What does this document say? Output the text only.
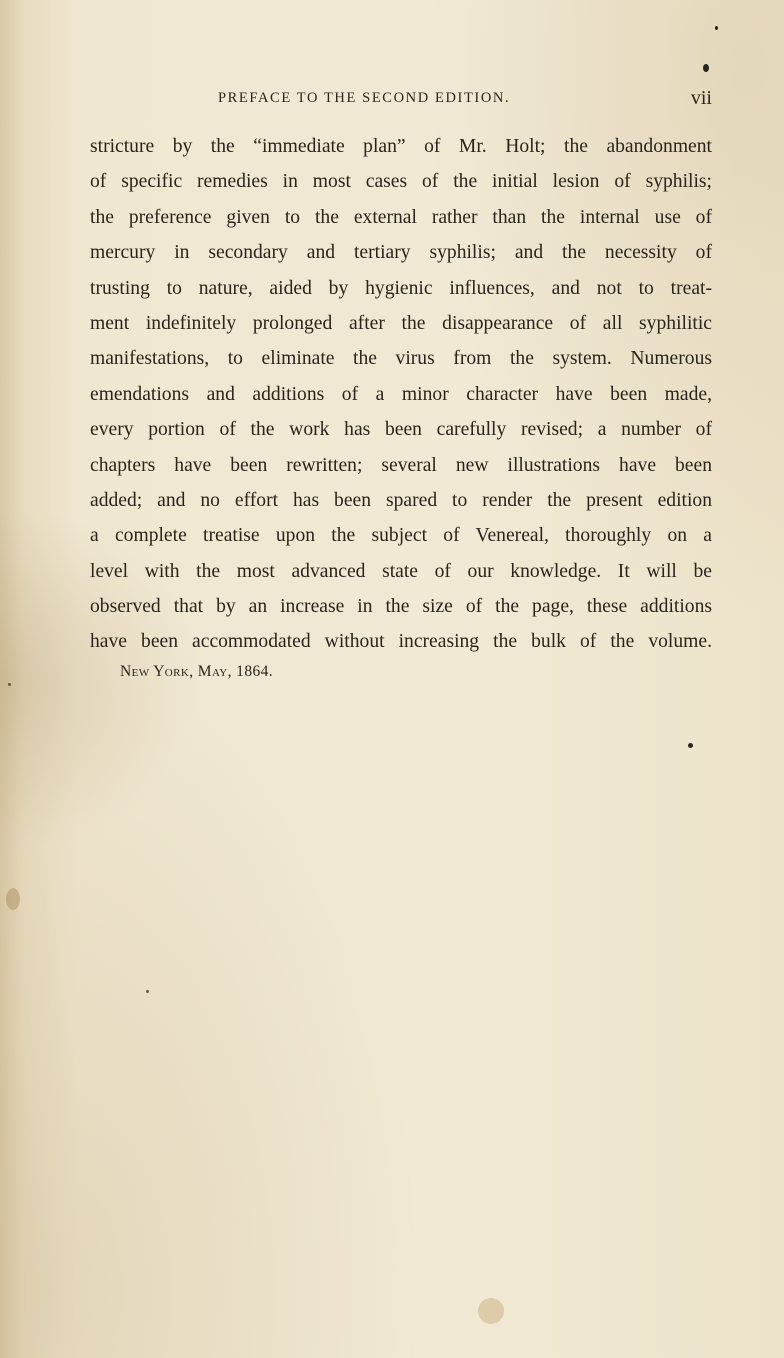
PREFACE TO THE SECOND EDITION.	vii
stricture by the “immediate plan” of Mr. Holt; the abandonment
of specific remedies in most cases of the initial lesion of syphilis;
the preference given to the external rather than the internal use of
mercury in secondary and tertiary syphilis; and the necessity of
trusting to nature, aided by hygienic influences, and not to treat-
ment indefinitely prolonged after the disappearance of all syphilitic
manifestations, to eliminate the virus from the system. Numerous
emendations and additions of a minor character have been made,
every portion of the work has been carefully revised; a number of
chapters have been rewritten; several new illustrations have been
added; and no effort has been spared to render the present edition
a complete treatise upon the subject of Venereal, thoroughly on a
level with the most advanced state of our knowledge. It will be
observed that by an increase in the size of the page, these additions
have been accommodated without increasing the bulk of the volume.
New York, May, 1864.
